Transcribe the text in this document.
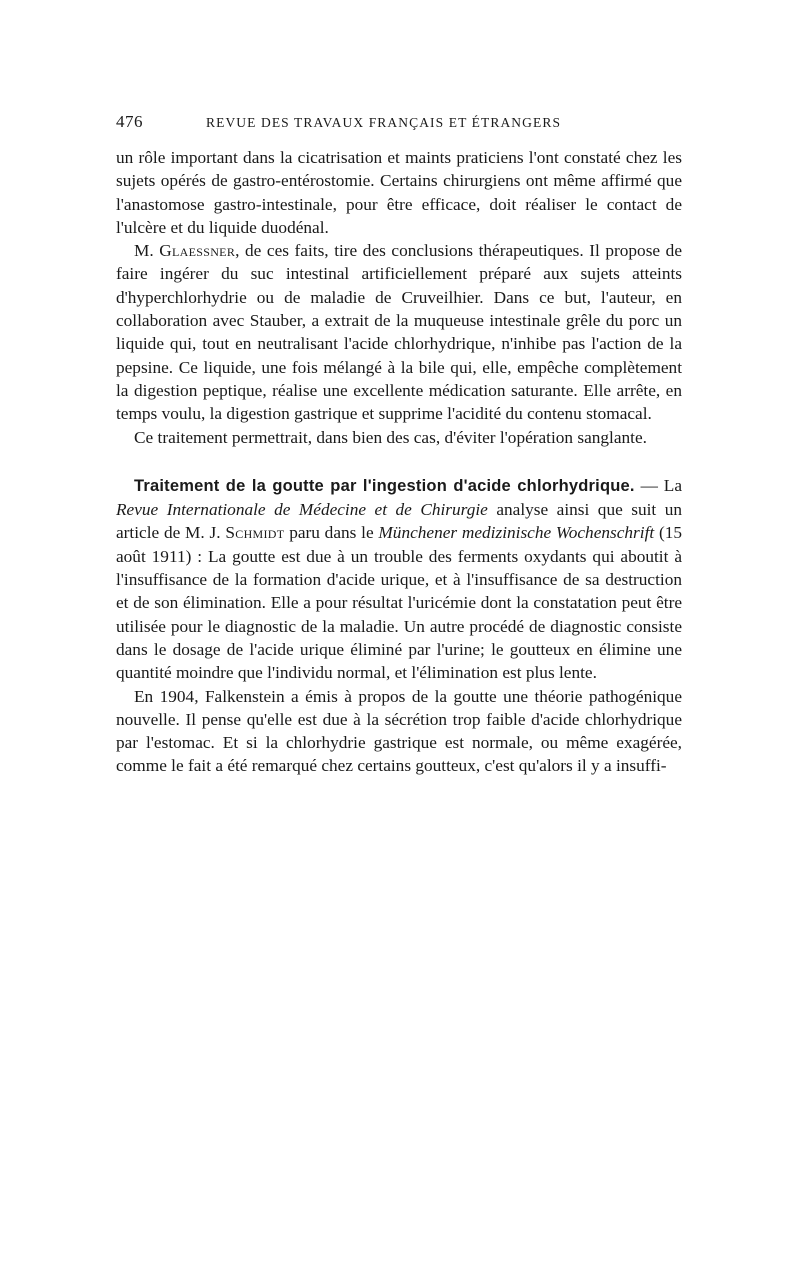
476	REVUE DES TRAVAUX FRANÇAIS ET ÉTRANGERS

un rôle important dans la cicatrisation et maints praticiens l'ont constaté chez les sujets opérés de gastro-entérostomie. Certains chirurgiens ont même affirmé que l'anastomose gastro-intestinale, pour être efficace, doit réaliser le contact de l'ulcère et du liquide duodénal.

M. Glaessner, de ces faits, tire des conclusions thérapeutiques. Il propose de faire ingérer du suc intestinal artificiellement préparé aux sujets atteints d'hyperchlorhydrie ou de maladie de Cruveilhier. Dans ce but, l'auteur, en collaboration avec Stauber, a extrait de la muqueuse intestinale grêle du porc un liquide qui, tout en neutralisant l'acide chlorhydrique, n'inhibe pas l'action de la pepsine. Ce liquide, une fois mélangé à la bile qui, elle, empêche complètement la digestion peptique, réalise une excellente médication saturante. Elle arrête, en temps voulu, la digestion gastrique et supprime l'acidité du contenu stomacal.

Ce traitement permettrait, dans bien des cas, d'éviter l'opération sanglante.

Traitement de la goutte par l'ingestion d'acide chlorhydrique. — La Revue Internationale de Médecine et de Chirurgie analyse ainsi que suit un article de M. J. Schmidt paru dans le Münchener medizinische Wochenschrift (15 août 1911) : La goutte est due à un trouble des ferments oxydants qui aboutit à l'insuffisance de la formation d'acide urique, et à l'insuffisance de sa destruction et de son élimination. Elle a pour résultat l'uricémie dont la constatation peut être utilisée pour le diagnostic de la maladie. Un autre procédé de diagnostic consiste dans le dosage de l'acide urique éliminé par l'urine; le goutteux en élimine une quantité moindre que l'individu normal, et l'élimination est plus lente.

En 1904, Falkenstein a émis à propos de la goutte une théorie pathogénique nouvelle. Il pense qu'elle est due à la sécrétion trop faible d'acide chlorhydrique par l'estomac. Et si la chlorhydrie gastrique est normale, ou même exagérée, comme le fait a été remarqué chez certains goutteux, c'est qu'alors il y a insuffi-
